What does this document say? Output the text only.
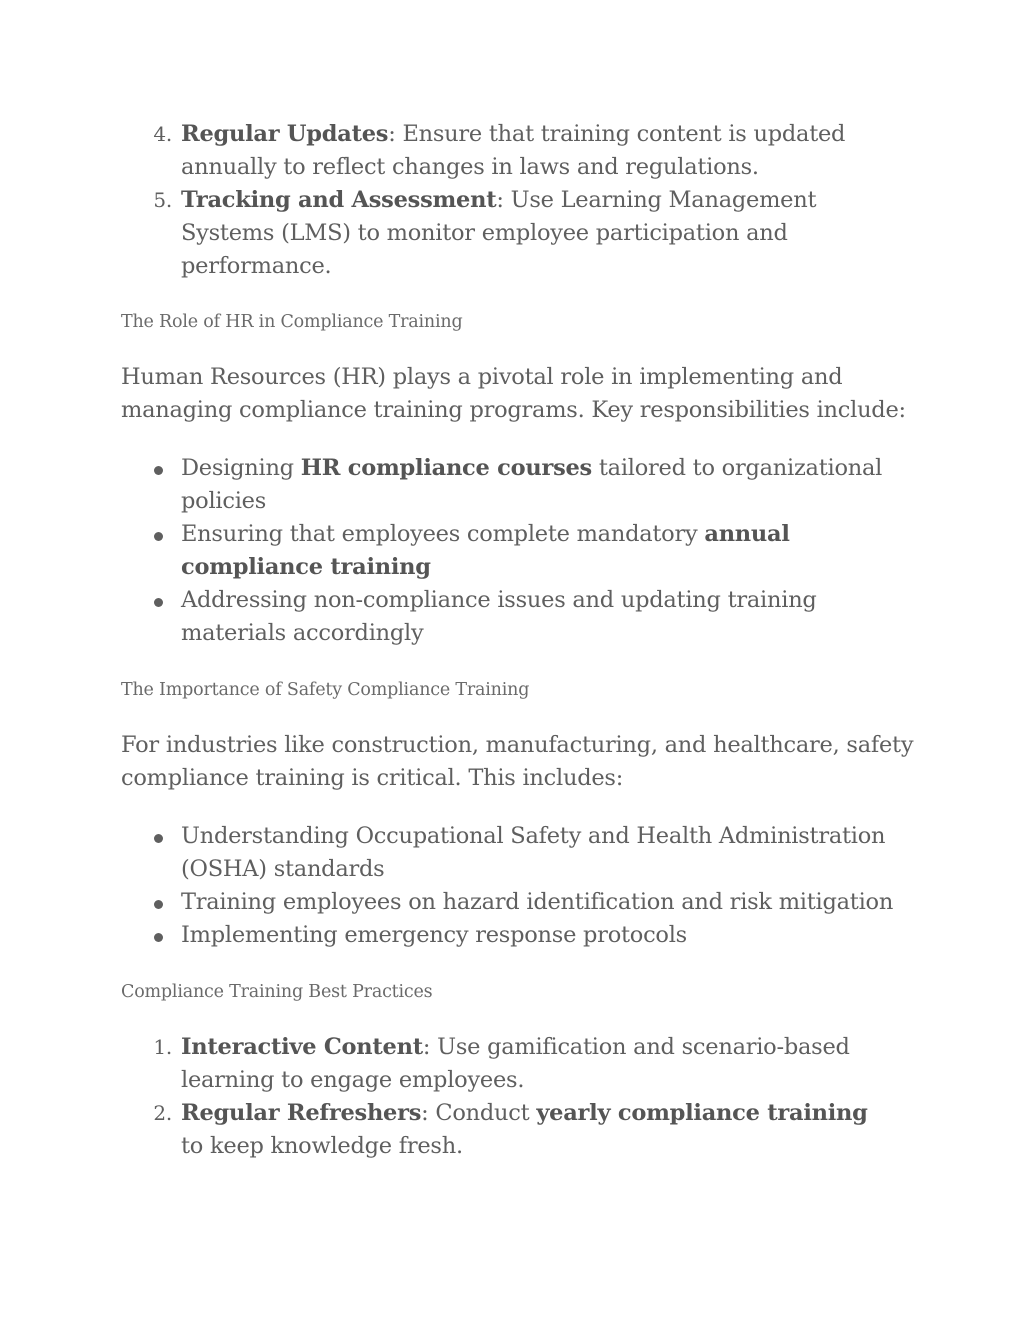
4. Regular Updates: Ensure that training content is updated
annually to reflect changes in laws and regulations.
5. Tracking and Assessment: Use Learning Management
Systems (LMS) to monitor employee participation and
performance.
The Role of HR in Compliance Training
Human Resources (HR) plays a pivotal role in implementing and
managing compliance training programs. Key responsibilities include:
Designing HR compliance courses tailored to organizational
policies
Ensuring that employees complete mandatory annual
compliance training
Addressing non-compliance issues and updating training
materials accordingly
The Importance of Safety Compliance Training
For industries like construction, manufacturing, and healthcare, safety
compliance training is critical. This includes:
Understanding Occupational Safety and Health Administration
(OSHA) standards
Training employees on hazard identification and risk mitigation
Implementing emergency response protocols
Compliance Training Best Practices
1. Interactive Content: Use gamification and scenario-based
learning to engage employees.
2. Regular Refreshers: Conduct yearly compliance training
to keep knowledge fresh.
